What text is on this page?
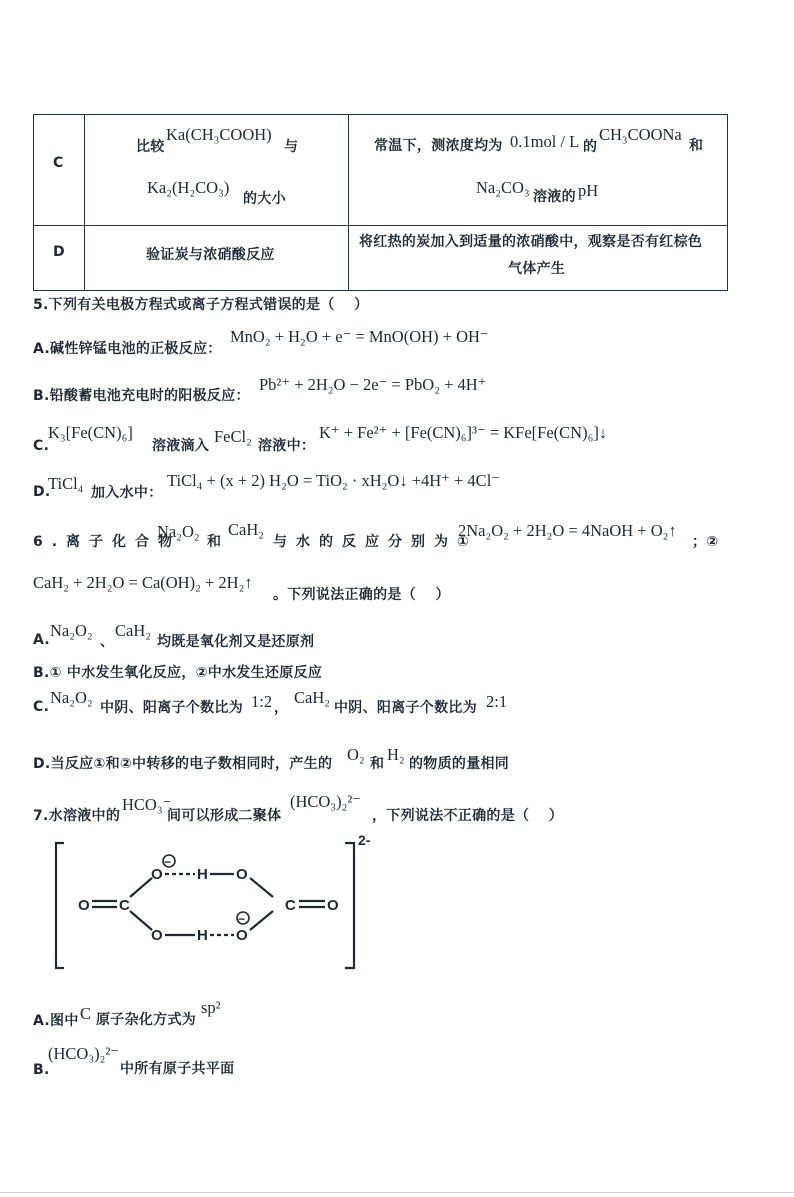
C
比较
Ka(CH₃COOH)
与
Ka₂(H₂CO₃)
的大小
常温下，测浓度均为 0.1mol / L 的
CH₃COONa
和
Na₂CO₃ 溶液的 pH
D	验证炭与浓硝酸反应
将红热的炭加入到适量的浓硝酸中，观察是否有红棕色
气体产生
5.下列有关电极方程式或离子方程式错误的是（　 ）
A.碱性锌锰电池的正极反应：
MnO₂ + H₂O + e⁻ = MnO(OH) + OH⁻
B.铅酸蓄电池充电时的阳极反应：
Pb²⁺ + 2H₂O − 2e⁻ = PbO₂ + 4H⁺
C.
K₃[Fe(CN)₆]
溶液滴入 FeCl₂ 溶液中：
K⁺ + Fe²⁺ + [Fe(CN)₆]³⁻ = KFe[Fe(CN)₆]↓
D.
TiCl₄ 加入水中：
TiCl₄ + (x + 2) H₂O = TiO₂ · xH₂O↓ +4H⁺ + 4Cl⁻
6.离子化合物
Na₂O₂
和
CaH₂
与水的反应分别为①
2Na₂O₂ + 2H₂O = 4NaOH + O₂↑
；②
CaH₂ + 2H₂O = Ca(OH)₂ + 2H₂↑
。下列说法正确的是（　 ）
A. Na₂O₂
、
CaH₂
均既是氧化剂又是还原剂
B.① 中水发生氧化反应，②中水发生还原反应
C. Na₂O₂
中阴、阳离子个数比为 1:2 ，
CaH₂
中阴、阳离子个数比为 2:1
D.当反应①和②中转移的电子数相同时，产生的 O₂ 和 H₂ 的物质的量相同
7.水溶液中的
HCO₃⁻
间可以形成二聚体
(HCO₃)₂²⁻
，下列说法不正确的是（　 ）
O C
O H O
O H O
C O
−
−
2-
A.图中 C 原子杂化方式为
sp²
B.
(HCO₃)₂²⁻
中所有原子共平面
